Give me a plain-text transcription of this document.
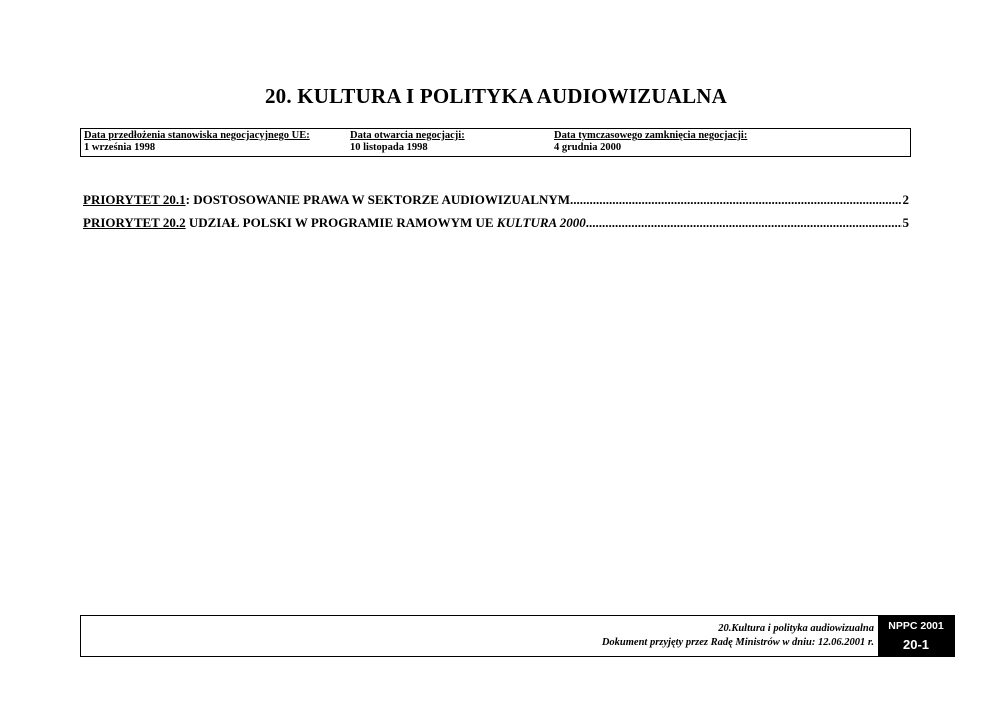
20. KULTURA I POLITYKA AUDIOWIZUALNA
Data przedłożenia stanowiska negocjacyjnego UE:
1 września 1998
Data otwarcia negocjacji:
10 listopada 1998
Data tymczasowego zamknięcia negocjacji:
4 grudnia 2000
PRIORYTET 20.1 : DOSTOSOWANIE PRAWA W SEKTORZE AUDIOWIZUALNYM .....	2
PRIORYTET 20.2 UDZIAŁ POLSKI W PROGRAMIE RAMOWYM UE KULTURA 2000 .....	5
20.Kultura i polityka audiowizualna
Dokument przyjęty przez Radę Ministrów w dniu: 12.06.2001 r.
NPPC 2001
20-1
